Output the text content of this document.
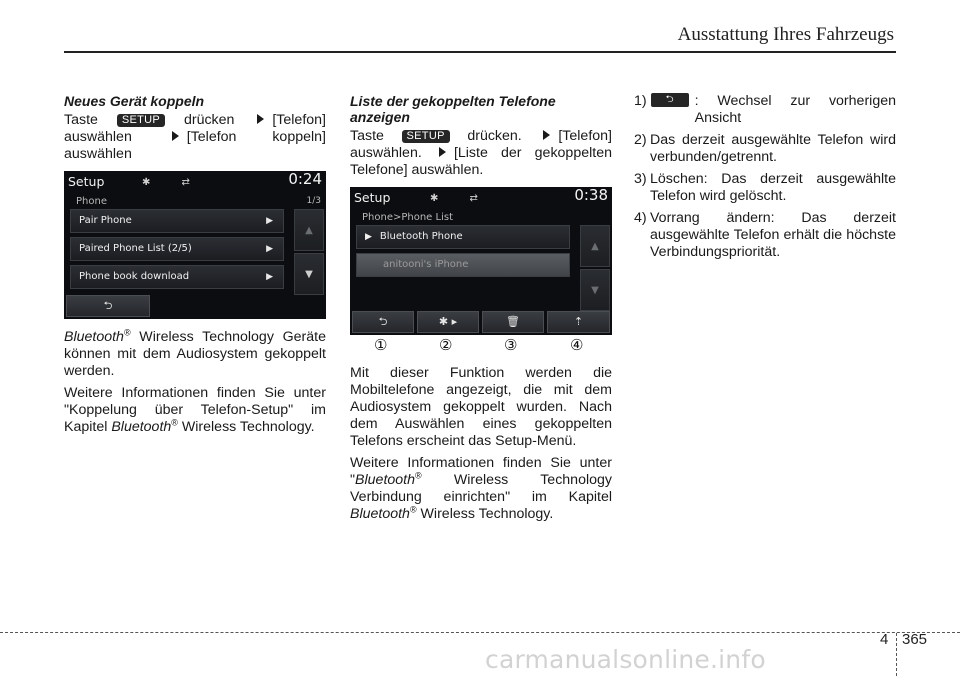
Ausstattung Ihres Fahrzeugs
Neues Gerät koppeln

Taste SETUP drücken	[Telefon] auswählen	[Telefon koppeln] auswählen

Setup	✱ ⇄	0:24
Phone	1/3
Pair Phone	▶
Paired Phone List (2/5)	▶
Phone book download	▶
▲
▼
⮌

Bluetooth® Wireless Technology Geräte können mit dem Audiosystem gekoppelt werden.

Weitere Informationen finden Sie unter "Koppelung über Telefon-Setup" im Kapitel Bluetooth® Wireless Technology.

Liste der gekoppelten Telefone anzeigen

Taste SETUP drücken.	[Telefon] auswählen. [Liste der gekoppelten Telefone] auswählen.

Setup	✱ ⇄	0:38
Phone>Phone List
▶ Bluetooth Phone
anitooni's iPhone
▲
▼
⮌	✱ ▸	🗑	⇡
①	②	③	④

Mit dieser Funktion werden die Mobiltelefone angezeigt, die mit dem Audiosystem gekoppelt wurden. Nach dem Auswählen eines gekoppelten Telefons erscheint das Setup-Menü.

Weitere Informationen finden Sie unter "Bluetooth® Wireless Technology Verbindung einrichten" im Kapitel Bluetooth® Wireless Technology.

1)	⮌	: Wechsel zur vorherigen Ansicht
2) Das derzeit ausgewählte Telefon wird verbunden/getrennt.
3) Löschen: Das derzeit ausgewählte Telefon wird gelöscht.
4) Vorrang ändern: Das derzeit ausgewählte Telefon erhält die höchste Verbindungspriorität.
4 365
carmanualsonline.info
